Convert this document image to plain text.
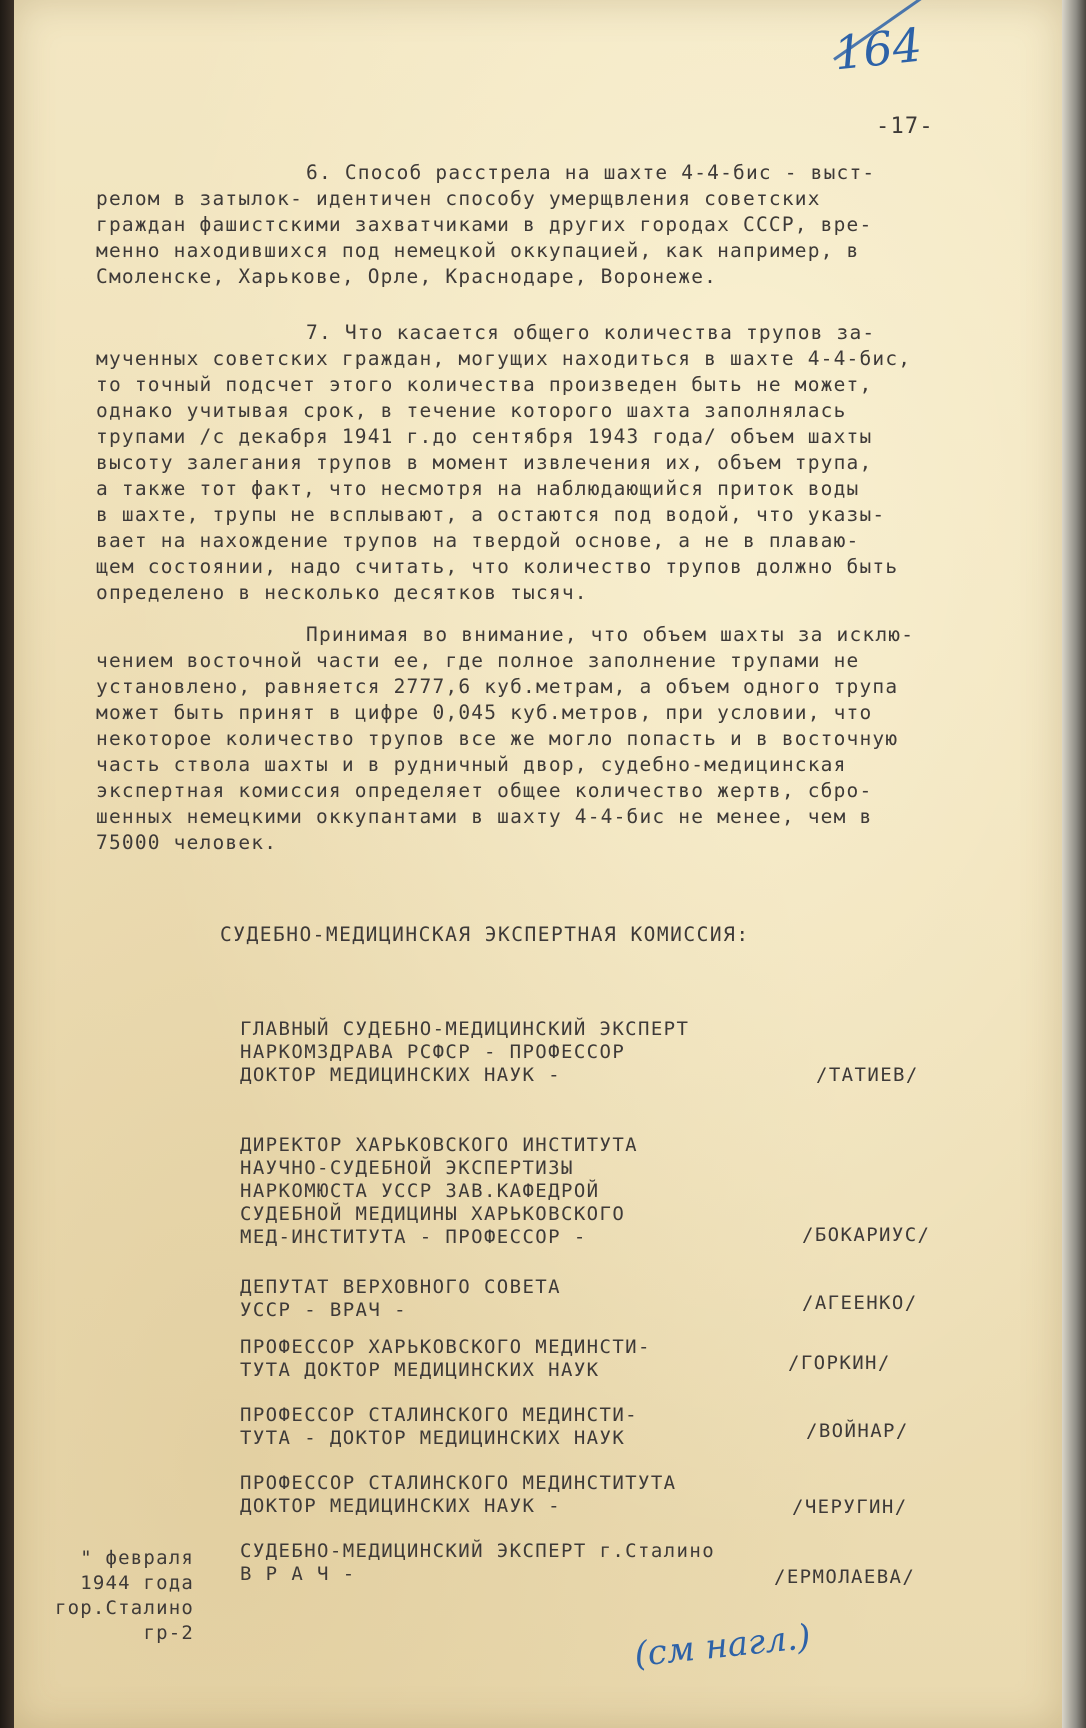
164
-17-

6. Способ расстрела на шахте 4-4-бис - выст-
релом в затылок- идентичен способу умерщвления советских
граждан фашистскими захватчиками в других городах СССР, вре-
менно находившихся под немецкой оккупацией, как например, в
Смоленске, Харькове, Орле, Краснодаре, Воронеже.

7. Что касается общего количества трупов за-
мученных советских граждан, могущих находиться в шахте 4-4-бис,
то точный подсчет этого количества произведен быть не может,
однако учитывая срок, в течение которого шахта заполнялась
трупами /с декабря 1941 г.до сентября 1943 года/ объем шахты
высоту залегания трупов в момент извлечения их, объем трупа,
а также тот факт, что несмотря на наблюдающийся приток воды
в шахте, трупы не всплывают, а остаются под водой, что указы-
вает на нахождение трупов на твердой основе, а не в плаваю-
щем состоянии, надо считать, что количество трупов должно быть
определено в несколько десятков тысяч.

Принимая во внимание, что объем шахты за исклю-
чением восточной части ее, где полное заполнение трупами не
установлено, равняется 2777,6 куб.метрам, а объем одного трупа
может быть принят в цифре 0,045 куб.метров, при условии, что
некоторое количество трупов все же могло попасть и в восточную
часть ствола шахты и в рудничный двор, судебно-медицинская
экспертная комиссия определяет общее количество жертв, сбро-
шенных немецкими оккупантами в шахту 4-4-бис не менее, чем в
75000 человек.

СУДЕБНО-МЕДИЦИНСКАЯ ЭКСПЕРТНАЯ КОМИССИЯ:
ГЛАВНЫЙ СУДЕБНО-МЕДИЦИНСКИЙ ЭКСПЕРТ
НАРКОМЗДРАВА РСФСР - ПРОФЕССОР
ДОКТОР МЕДИЦИНСКИХ НАУК -	/ТАТИЕВ/
ДИРЕКТОР ХАРЬКОВСКОГО ИНСТИТУТА
НАУЧНО-СУДЕБНОЙ ЭКСПЕРТИЗЫ
НАРКОМЮСТА УССР ЗАВ.КАФЕДРОЙ
СУДЕБНОЙ МЕДИЦИНЫ ХАРЬКОВСКОГО
МЕД-ИНСТИТУТА - ПРОФЕССОР -	/БОКАРИУС/
ДЕПУТАТ ВЕРХОВНОГО СОВЕТА
УССР - ВРАЧ -	/АГЕЕНКО/
ПРОФЕССОР ХАРЬКОВСКОГО МЕДИНСТИ-
ТУТА ДОКТОР МЕДИЦИНСКИХ НАУК	/ГОРКИН/
ПРОФЕССОР СТАЛИНСКОГО МЕДИНСТИ-
ТУТА - ДОКТОР МЕДИЦИНСКИХ НАУК	/ВОЙНАР/
ПРОФЕССОР СТАЛИНСКОГО МЕДИНСТИТУТА
ДОКТОР МЕДИЦИНСКИХ НАУК -	/ЧЕРУГИН/
СУДЕБНО-МЕДИЦИНСКИЙ ЭКСПЕРТ г.Сталино
В Р А Ч -	/ЕРМОЛАЕВА/
" февраля
1944 года
гор.Сталино
гр-2	(см нагл.)
